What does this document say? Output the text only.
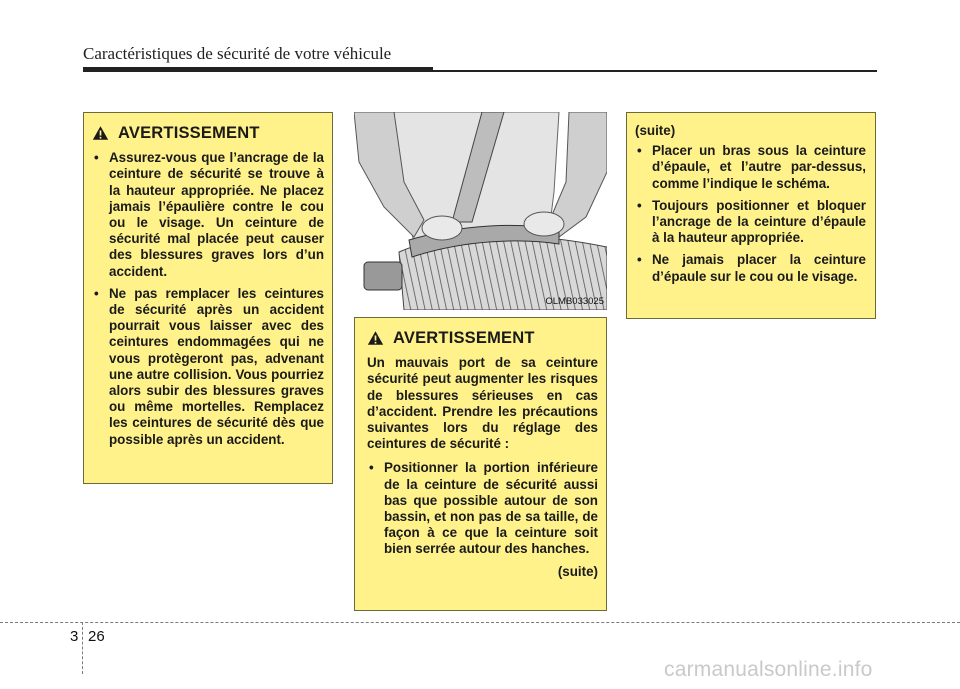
Caractéristiques de sécurité de votre véhicule
AVERTISSEMENT
• Assurez-vous que l’ancrage de la ceinture de sécurité se trouve à la hauteur appropriée. Ne placez jamais l’épaulière contre le cou ou le visage. Un ceinture de sécurité mal placée peut causer des blessures graves lors d’un accident.
• Ne pas remplacer les ceintures de sécurité après un accident pourrait vous laisser avec des ceintures endommagées qui ne vous protègeront pas, advenant une autre collision. Vous pourriez alors subir des blessures graves ou même mortelles. Remplacez les ceintures de sécurité dès que possible après un accident.
OLMB033025
AVERTISSEMENT
Un mauvais port de sa ceinture sécurité peut augmenter les risques de blessures sérieuses en cas d’accident. Prendre les précautions suivantes lors du réglage des ceintures de sécurité :
• Positionner la portion inférieure de la ceinture de sécurité aussi bas que possible autour de son bassin, et non pas de sa taille, de façon à ce que la ceinture soit bien serrée autour des hanches.
(suite)
(suite)
• Placer un bras sous la ceinture d’épaule, et l’autre par-dessus, comme l’indique le schéma.
• Toujours positionner et bloquer l’ancrage de la ceinture d’épaule à la hauteur appropriée.
• Ne jamais placer la ceinture d’épaule sur le cou ou le visage.
3 26
carmanualsonline.info
